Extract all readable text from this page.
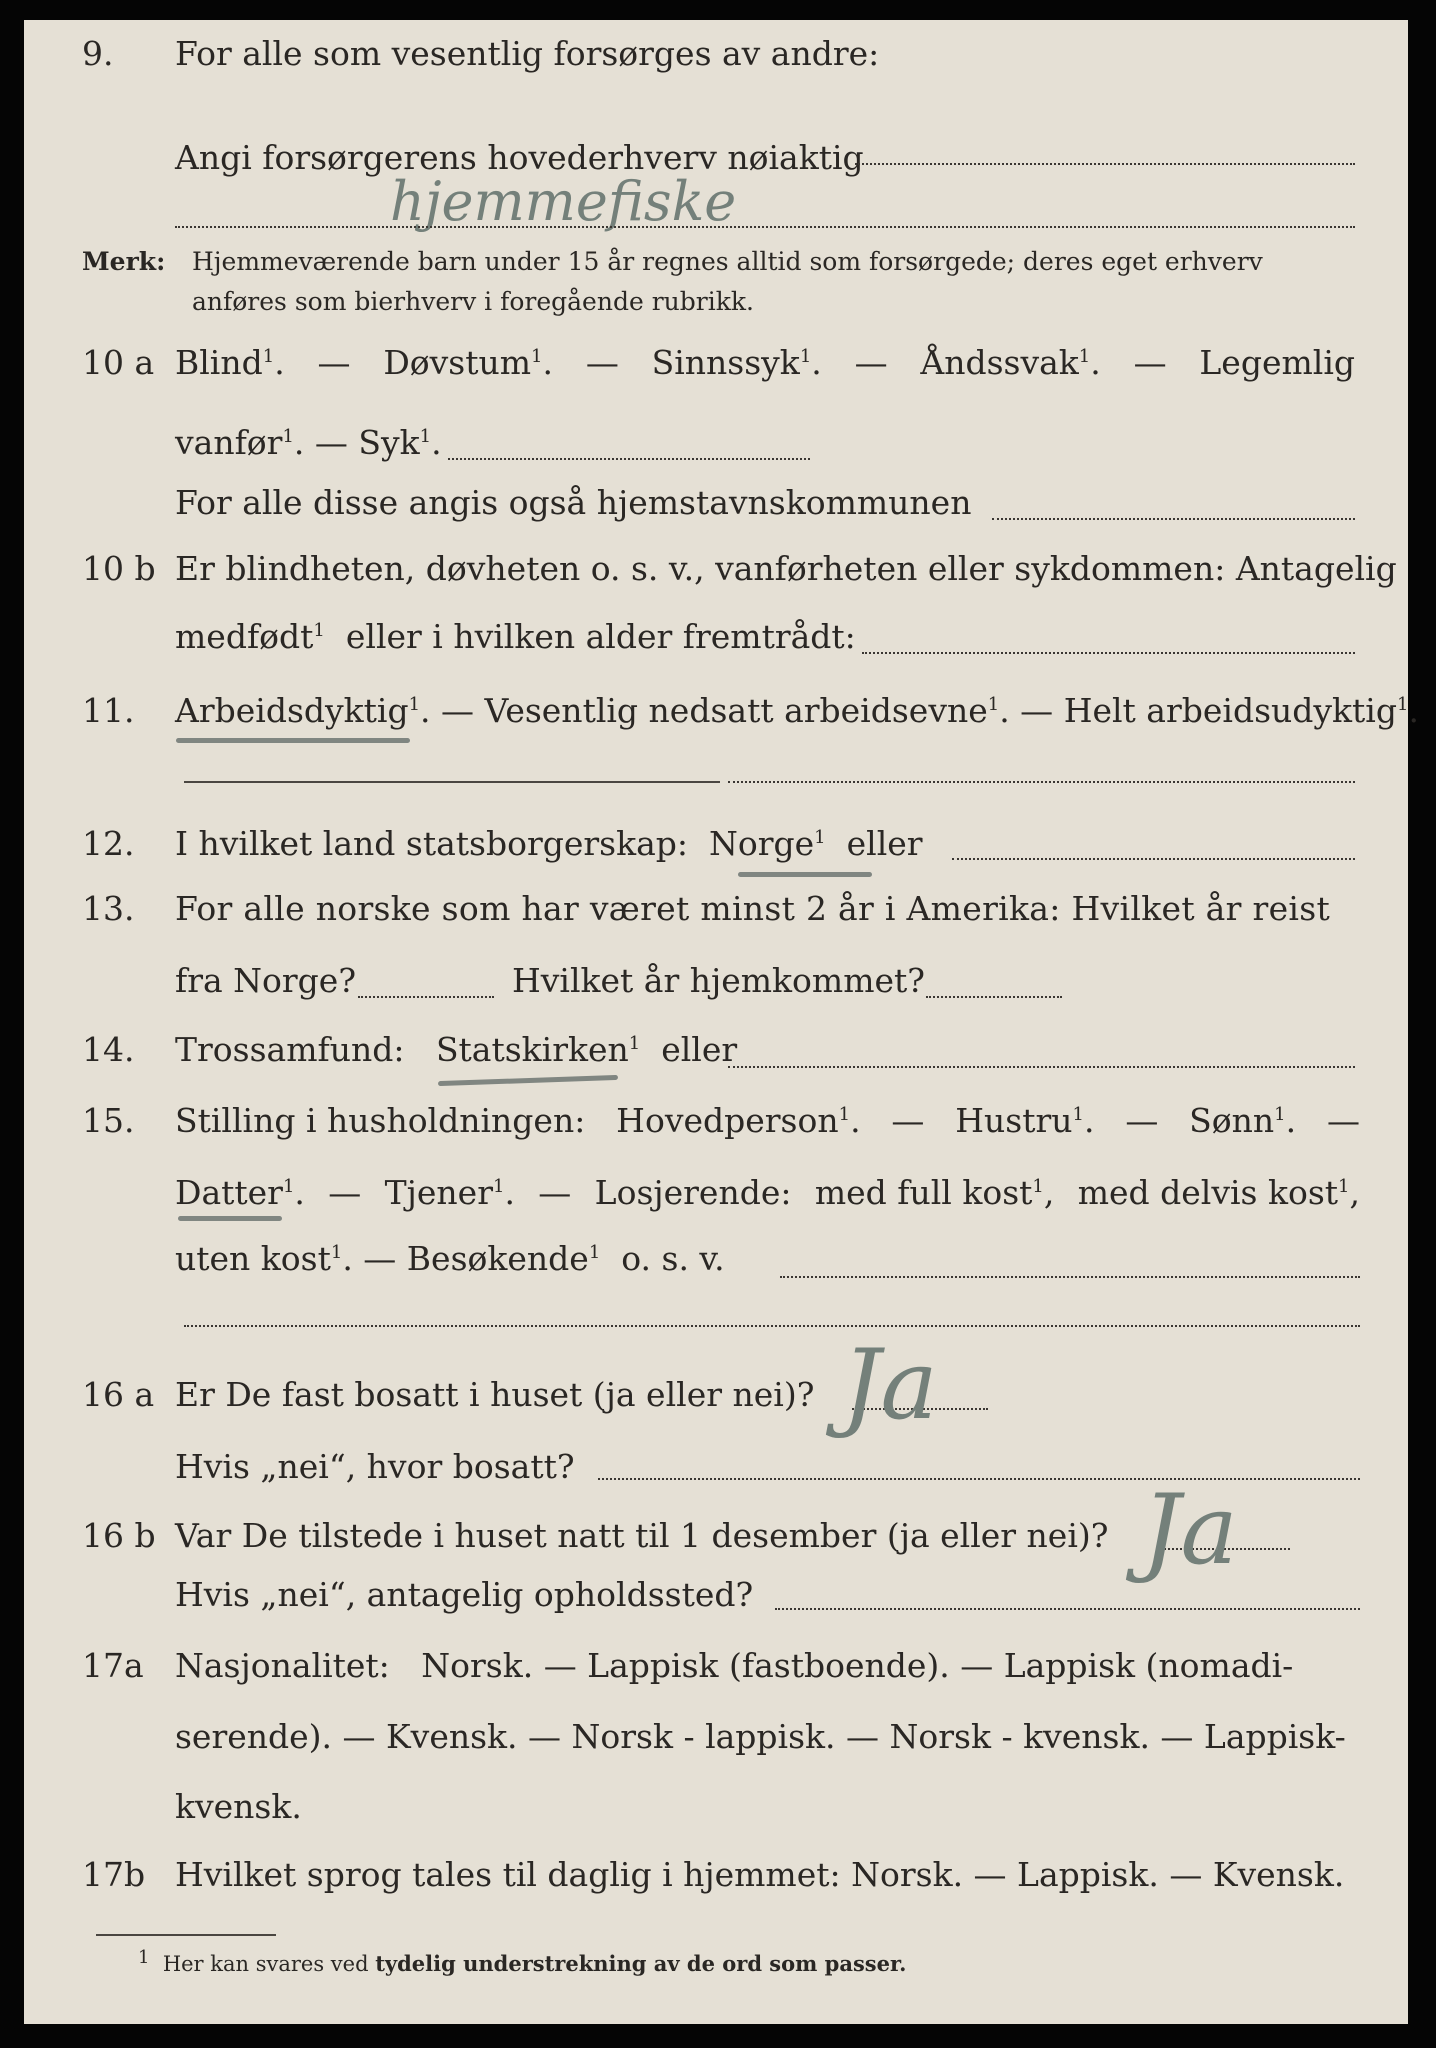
9. For alle som vesentlig forsørges av andre:
Angi forsørgerens hovederhverv nøiaktig
hjemmefiske
Merk: Hjemmeværende barn under 15 år regnes alltid som forsørgede; deres eget erhverv
anføres som bierhverv i foregående rubrikk.
10 a Blind$^1$. — Døvstum$^1$. — Sinnssyk$^1$. — Åndssvak$^1$. — Legemlig
vanfør$^1$. — Syk$^1$.
For alle disse angis også hjemstavnskommunen
10 b Er blindheten, døvheten o. s. v., vanførheten eller sykdommen: Antagelig
medfødt$^1$ eller i hvilken alder fremtrådt:
11. Arbeidsdyktig$^1$. — Vesentlig nedsatt arbeidsevne$^1$. — Helt arbeidsudyktig$^1$.
12. I hvilket land statsborgerskap: Norge$^1$ eller
13. For alle norske som har været minst 2 år i Amerika: Hvilket år reist
fra Norge?	Hvilket år hjemkommet?
14. Trossamfund: Statskirken$^1$ eller
15. Stilling i husholdningen: Hovedperson$^1$. — Hustru$^1$. — Sønn$^1$. —
Datter$^1$. — Tjener$^1$. — Losjerende: med full kost$^1$, med delvis kost$^1$,
uten kost$^1$. — Besøkende$^1$ o. s. v.
16 a Er De fast bosatt i huset (ja eller nei)? Ja
Hvis „nei“, hvor bosatt?
16 b Var De tilstede i huset natt til 1 desember (ja eller nei)? Ja
Hvis „nei“, antagelig opholdssted?
17a Nasjonalitet:   Norsk. — Lappisk (fastboende). — Lappisk (nomadi-
serende). — Kvensk. — Norsk - lappisk. — Norsk - kvensk. — Lappisk-
kvensk.
17b Hvilket sprog tales til daglig i hjemmet: Norsk. — Lappisk. — Kvensk.
1 Her kan svares ved tydelig understrekning av de ord som passer.
